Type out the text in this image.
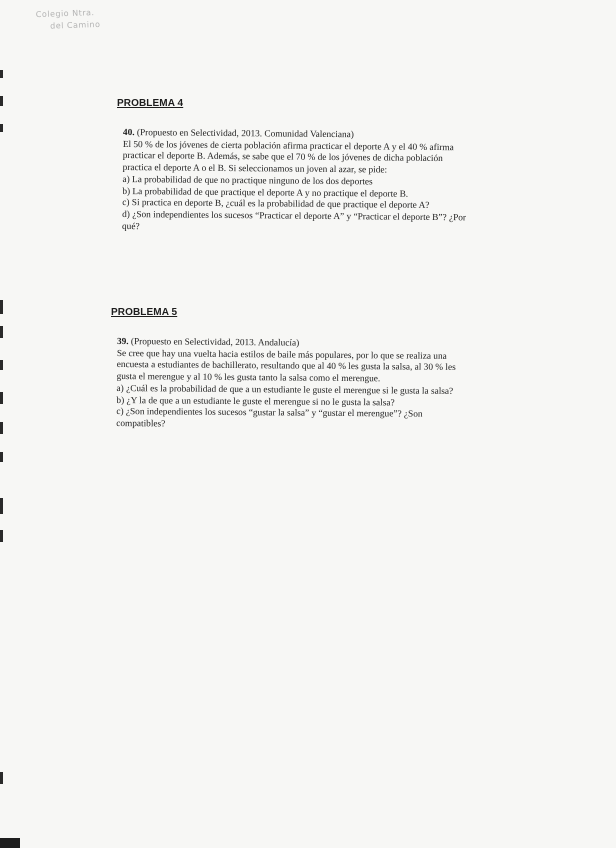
Colegio Ntra.
del Camino
PROBLEMA 4
40. (Propuesto en Selectividad, 2013. Comunidad Valenciana)
El 50 % de los jóvenes de cierta población afirma practicar el deporte A y el 40 % afirma
practicar el deporte B. Además, se sabe que el 70 % de los jóvenes de dicha población
practica el deporte A o el B. Si seleccionamos un joven al azar, se pide:
a) La probabilidad de que no practique ninguno de los dos deportes
b) La probabilidad de que practique el deporte A y no practique el deporte B.
c) Si practica en deporte B, ¿cuál es la probabilidad de que practique el deporte A?
d) ¿Son independientes los sucesos “Practicar el deporte A” y “Practicar el deporte B”? ¿Por
qué?
PROBLEMA 5
39. (Propuesto en Selectividad, 2013. Andalucía)
Se cree que hay una vuelta hacia estilos de baile más populares, por lo que se realiza una
encuesta a estudiantes de bachillerato, resultando que al 40 % les gusta la salsa, al 30 % les
gusta el merengue y al 10 % les gusta tanto la salsa como el merengue.
a) ¿Cuál es la probabilidad de que a un estudiante le guste el merengue si le gusta la salsa?
b) ¿Y la de que a un estudiante le guste el merengue si no le gusta la salsa?
c) ¿Son independientes los sucesos “gustar la salsa” y “gustar el merengue”? ¿Son
compatibles?
